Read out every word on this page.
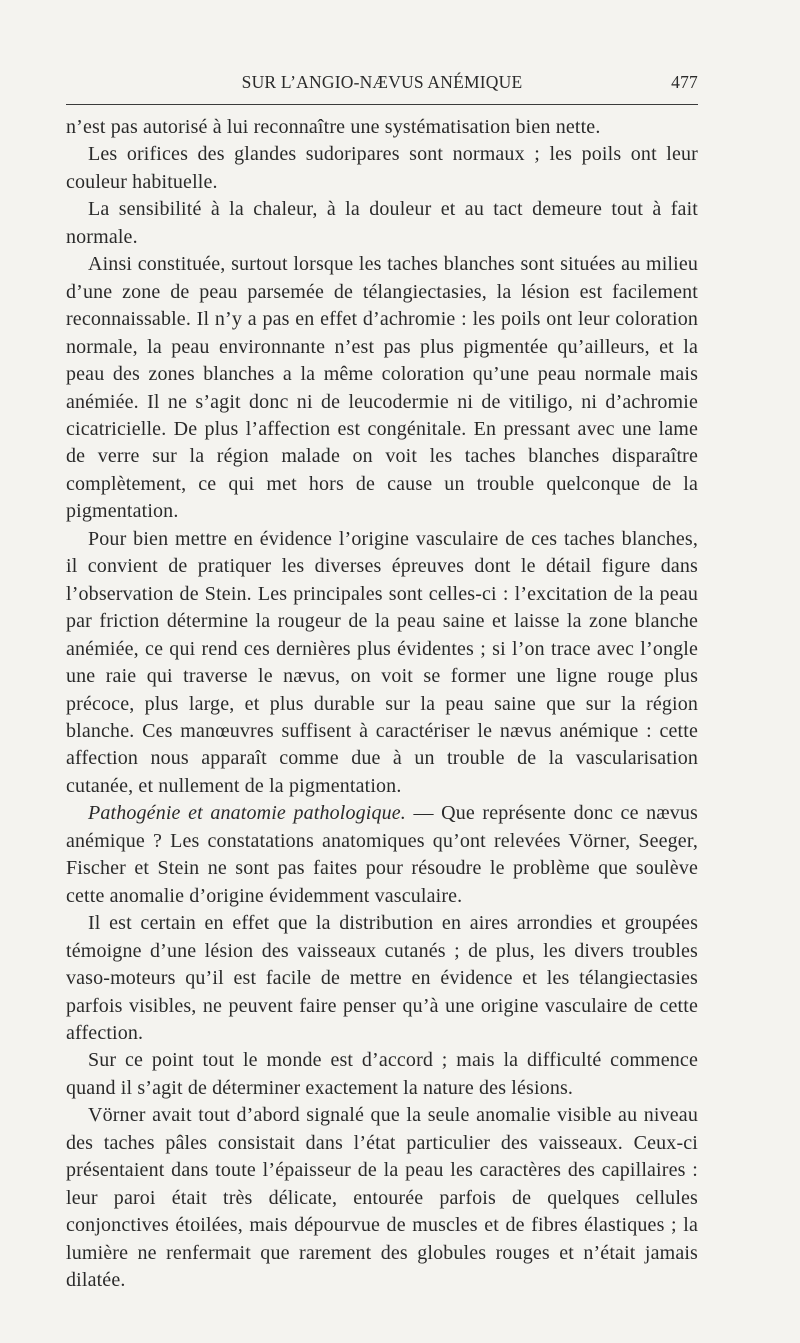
SUR L’ANGIO-NÆVUS ANÉMIQUE	477

n’est pas autorisé à lui reconnaître une systématisation bien nette.

Les orifices des glandes sudoripares sont normaux ; les poils ont leur couleur habituelle.

La sensibilité à la chaleur, à la douleur et au tact demeure tout à fait normale.

Ainsi constituée, surtout lorsque les taches blanches sont situées au milieu d’une zone de peau parsemée de télangiectasies, la lésion est facilement reconnaissable. Il n’y a pas en effet d’achromie : les poils ont leur coloration normale, la peau environnante n’est pas plus pigmentée qu’ailleurs, et la peau des zones blanches a la même coloration qu’une peau normale mais anémiée. Il ne s’agit donc ni de leucodermie ni de vitiligo, ni d’achromie cicatricielle. De plus l’affection est congénitale. En pressant avec une lame de verre sur la région malade on voit les taches blanches disparaître complètement, ce qui met hors de cause un trouble quelconque de la pigmentation.

Pour bien mettre en évidence l’origine vasculaire de ces taches blanches, il convient de pratiquer les diverses épreuves dont le détail figure dans l’observation de Stein. Les principales sont celles-ci : l’excitation de la peau par friction détermine la rougeur de la peau saine et laisse la zone blanche anémiée, ce qui rend ces dernières plus évidentes ; si l’on trace avec l’ongle une raie qui traverse le nævus, on voit se former une ligne rouge plus précoce, plus large, et plus durable sur la peau saine que sur la région blanche. Ces manœuvres suffisent à caractériser le nævus anémique : cette affection nous apparaît comme due à un trouble de la vascularisation cutanée, et nullement de la pigmentation.

Pathogénie et anatomie pathologique. — Que représente donc ce nævus anémique ? Les constatations anatomiques qu’ont relevées Vörner, Seeger, Fischer et Stein ne sont pas faites pour résoudre le problème que soulève cette anomalie d’origine évidemment vasculaire.

Il est certain en effet que la distribution en aires arrondies et groupées témoigne d’une lésion des vaisseaux cutanés ; de plus, les divers troubles vaso-moteurs qu’il est facile de mettre en évidence et les télangiectasies parfois visibles, ne peuvent faire penser qu’à une origine vasculaire de cette affection.

Sur ce point tout le monde est d’accord ; mais la difficulté commence quand il s’agit de déterminer exactement la nature des lésions.

Vörner avait tout d’abord signalé que la seule anomalie visible au niveau des taches pâles consistait dans l’état particulier des vaisseaux. Ceux-ci présentaient dans toute l’épaisseur de la peau les caractères des capillaires : leur paroi était très délicate, entourée parfois de quelques cellules conjonctives étoilées, mais dépourvue de muscles et de fibres élastiques ; la lumière ne renfermait que rarement des globules rouges et n’était jamais dilatée.
